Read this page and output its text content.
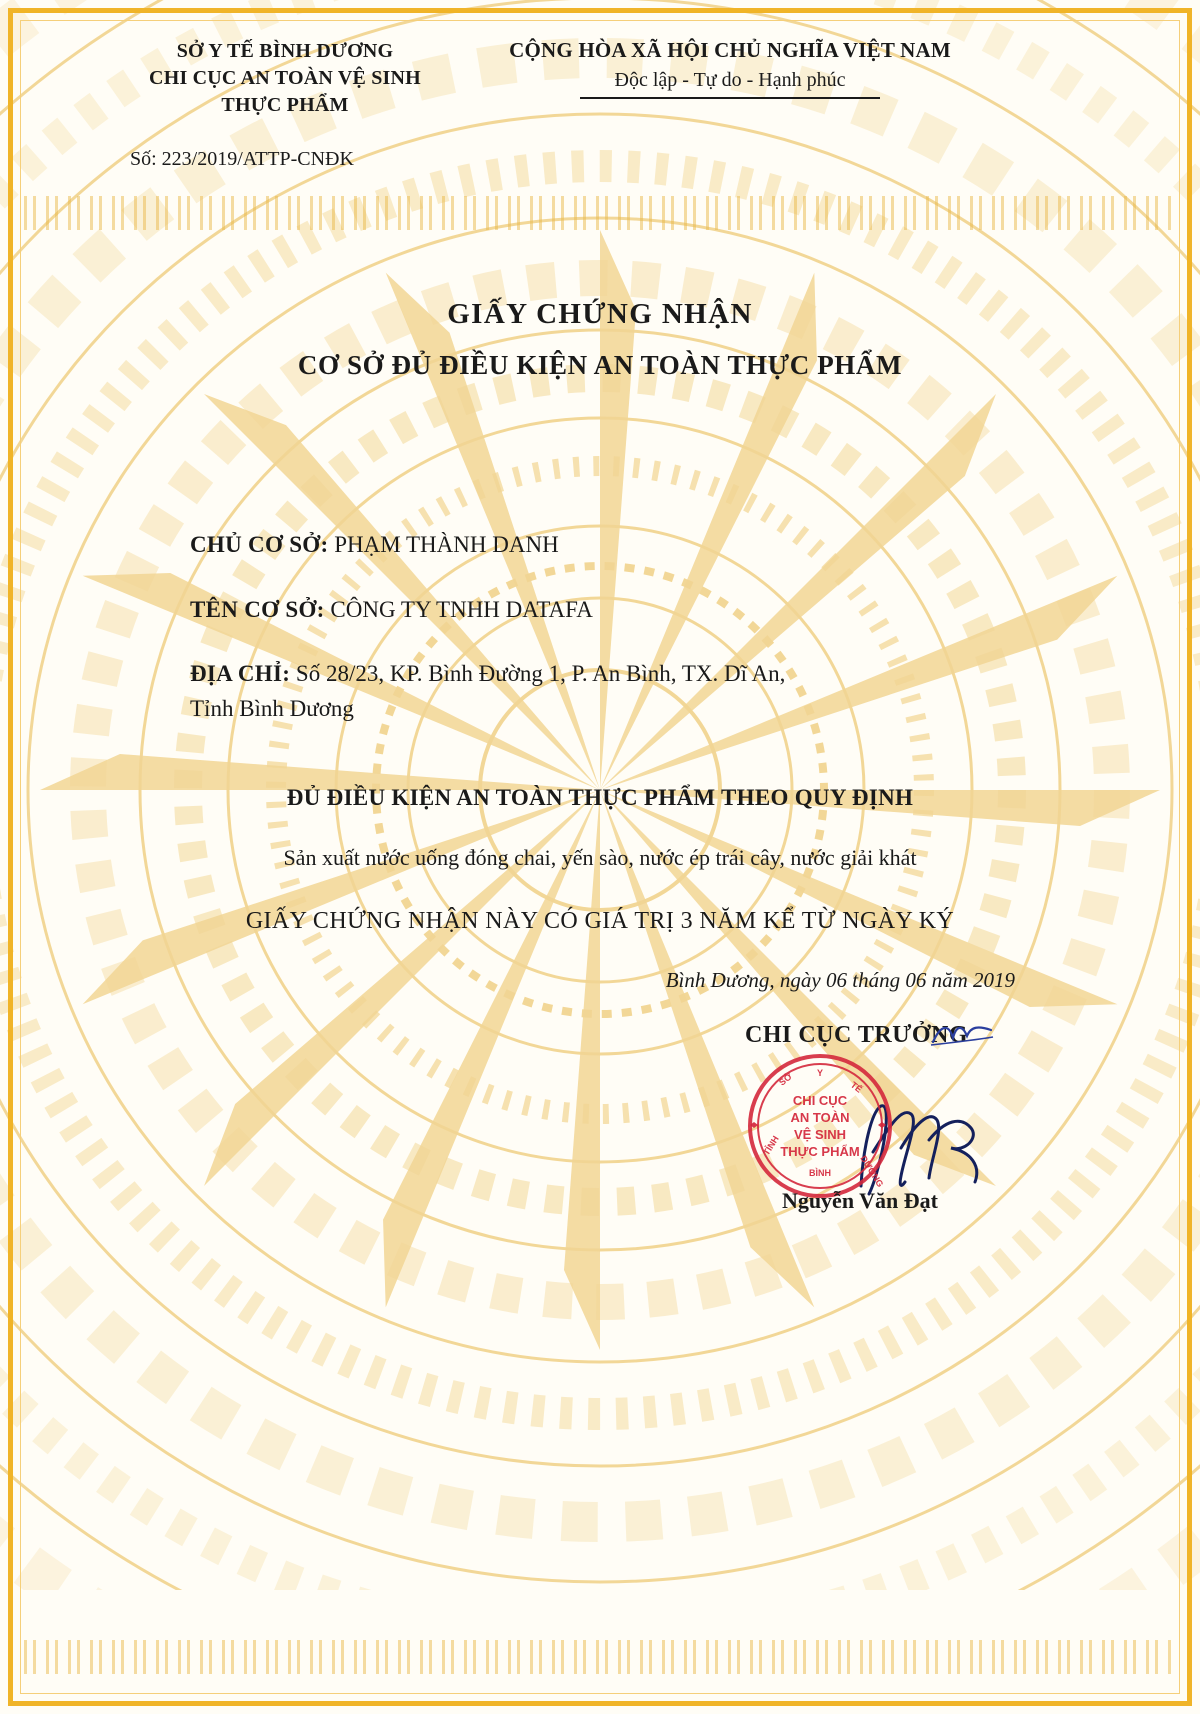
SỞ Y TẾ BÌNH DƯƠNG
CHI CỤC AN TOÀN VỆ SINH
THỰC PHẨM
CỘNG HÒA XÃ HỘI CHỦ NGHĨA VIỆT NAM
Độc lập - Tự do - Hạnh phúc
Số: 223/2019/ATTP-CNĐK
GIẤY CHỨNG NHẬN
CƠ SỞ ĐỦ ĐIỀU KIỆN AN TOÀN THỰC PHẨM
CHỦ CƠ SỞ: PHẠM THÀNH DANH
TÊN CƠ SỞ: CÔNG TY TNHH DATAFA
ĐỊA CHỈ: Số 28/23, KP. Bình Đường 1, P. An Bình, TX. Dĩ An,
Tỉnh Bình Dương
ĐỦ ĐIỀU KIỆN AN TOÀN THỰC PHẨM THEO QUY ĐỊNH
Sản xuất nước uống đóng chai, yến sào, nước ép trái cây, nước giải khát
GIẤY CHỨNG NHẬN NÀY CÓ GIÁ TRỊ 3 NĂM KỂ TỪ NGÀY KÝ
Bình Dương, ngày 06 tháng 06 năm 2019
CHI CỤC TRƯỞNG
SỞ	Y
TẾ
CHI CỤC
AN TOÀN
VỆ SINH
THỰC PHẨM
TỈNH
DƯƠNG
BÌNH
Nguyễn Văn Đạt
